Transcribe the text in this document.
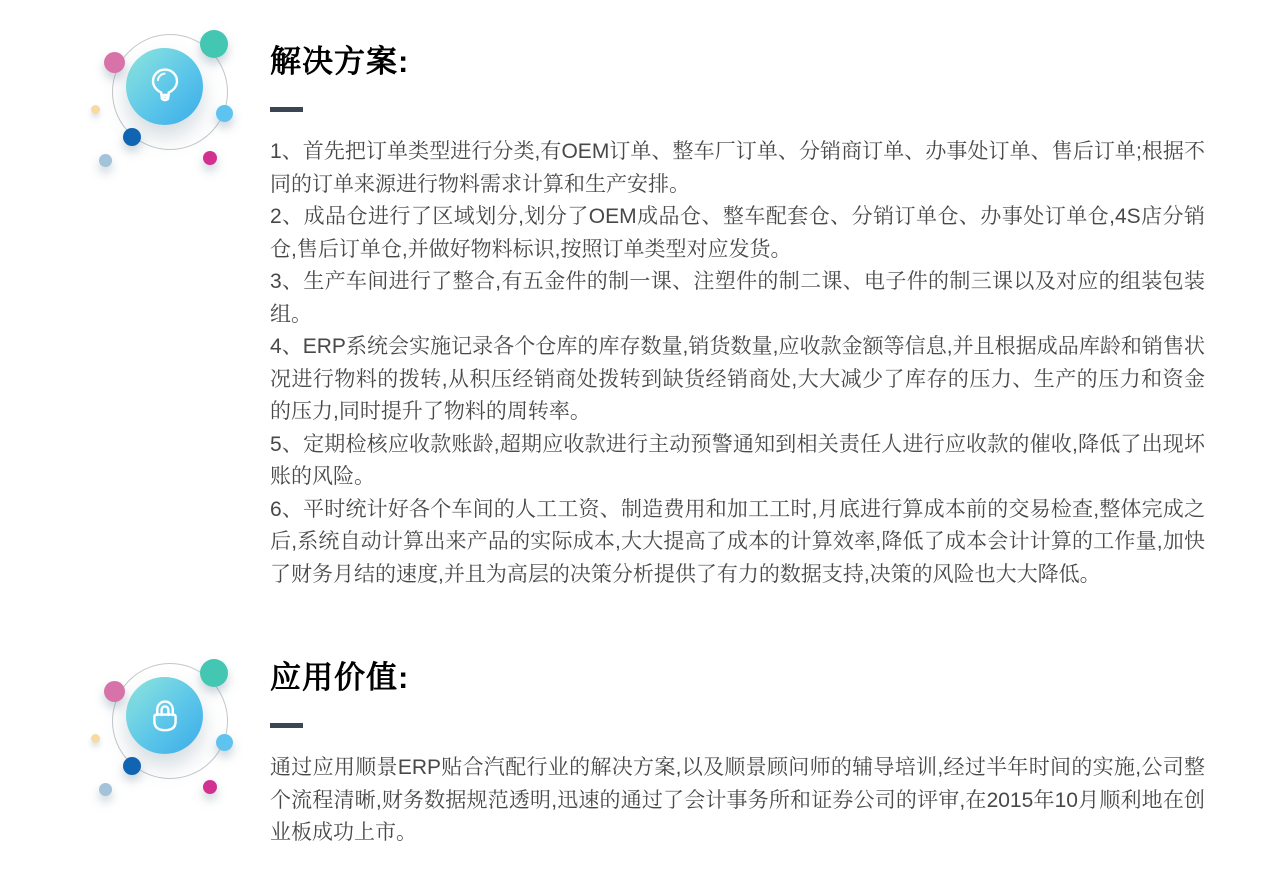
解决方案:
1、首先把订单类型进行分类,有OEM订单、整车厂订单、分销商订单、办事处订单、售后订单;根据不同的订单来源进行物料需求计算和生产安排。
2、成品仓进行了区域划分,划分了OEM成品仓、整车配套仓、分销订单仓、办事处订单仓,4S店分销仓,售后订单仓,并做好物料标识,按照订单类型对应发货。
3、生产车间进行了整合,有五金件的制一课、注塑件的制二课、电子件的制三课以及对应的组装包装组。
4、ERP系统会实施记录各个仓库的库存数量,销货数量,应收款金额等信息,并且根据成品库龄和销售状况进行物料的拨转,从积压经销商处拨转到缺货经销商处,大大减少了库存的压力、生产的压力和资金的压力,同时提升了物料的周转率。
5、定期检核应收款账龄,超期应收款进行主动预警通知到相关责任人进行应收款的催收,降低了出现坏账的风险。
6、平时统计好各个车间的人工工资、制造费用和加工工时,月底进行算成本前的交易检查,整体完成之后,系统自动计算出来产品的实际成本,大大提高了成本的计算效率,降低了成本会计计算的工作量,加快了财务月结的速度,并且为高层的决策分析提供了有力的数据支持,决策的风险也大大降低。
应用价值:
通过应用顺景ERP贴合汽配行业的解决方案,以及顺景顾问师的辅导培训,经过半年时间的实施,公司整个流程清晰,财务数据规范透明,迅速的通过了会计事务所和证券公司的评审,在2015年10月顺利地在创业板成功上市。
